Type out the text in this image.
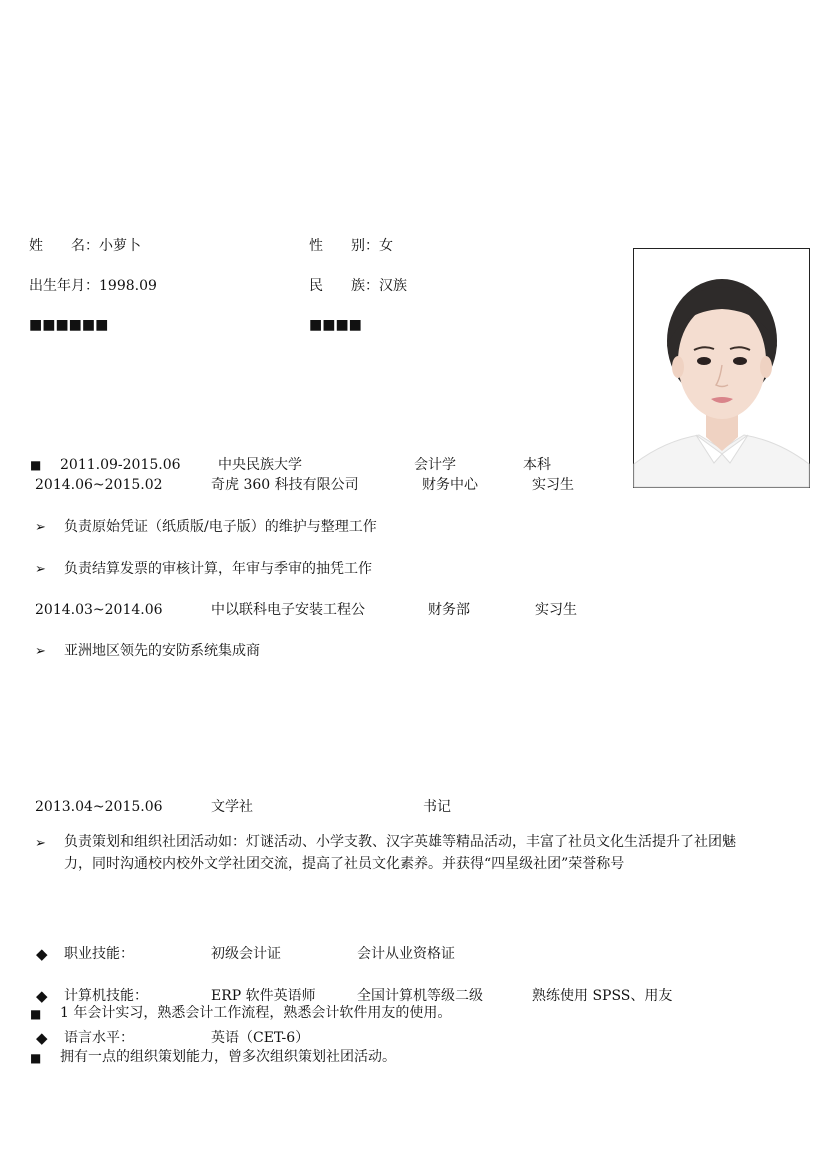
姓　　名：小萝卜	性　　别：女
出生年月：1998.09	民　　族：汉族
■■■■■■	■■■■
■ 2011.09-2015.06	中央民族大学	会计学	本科
2014.06~2015.02	奇虎 360 科技有限公司	财务中心	实习生
➢ 负责原始凭证（纸质版/电子版）的维护与整理工作
➢ 负责结算发票的审核计算，年审与季审的抽凭工作
2014.03~2014.06	中以联科电子安装工程公	财务部	实习生
➢ 亚洲地区领先的安防系统集成商
2013.04~2015.06	文学社	书记
➢ 负责策划和组织社团活动如：灯谜活动、小学支教、汉字英雄等精品活动，丰富了社员文化生活提升了社团魅力，同时沟通校内校外文学社团交流，提高了社员文化素养。并获得“四星级社团”荣誉称号
◆ 职业技能：	初级会计证	会计从业资格证
◆ 计算机技能：	ERP 软件英语师	全国计算机等级二级	熟练使用 SPSS、用友
■ 1 年会计实习，熟悉会计工作流程，熟悉会计软件用友的使用。
◆ 语言水平：	英语（CET-6）
■ 拥有一点的组织策划能力，曾多次组织策划社团活动。
